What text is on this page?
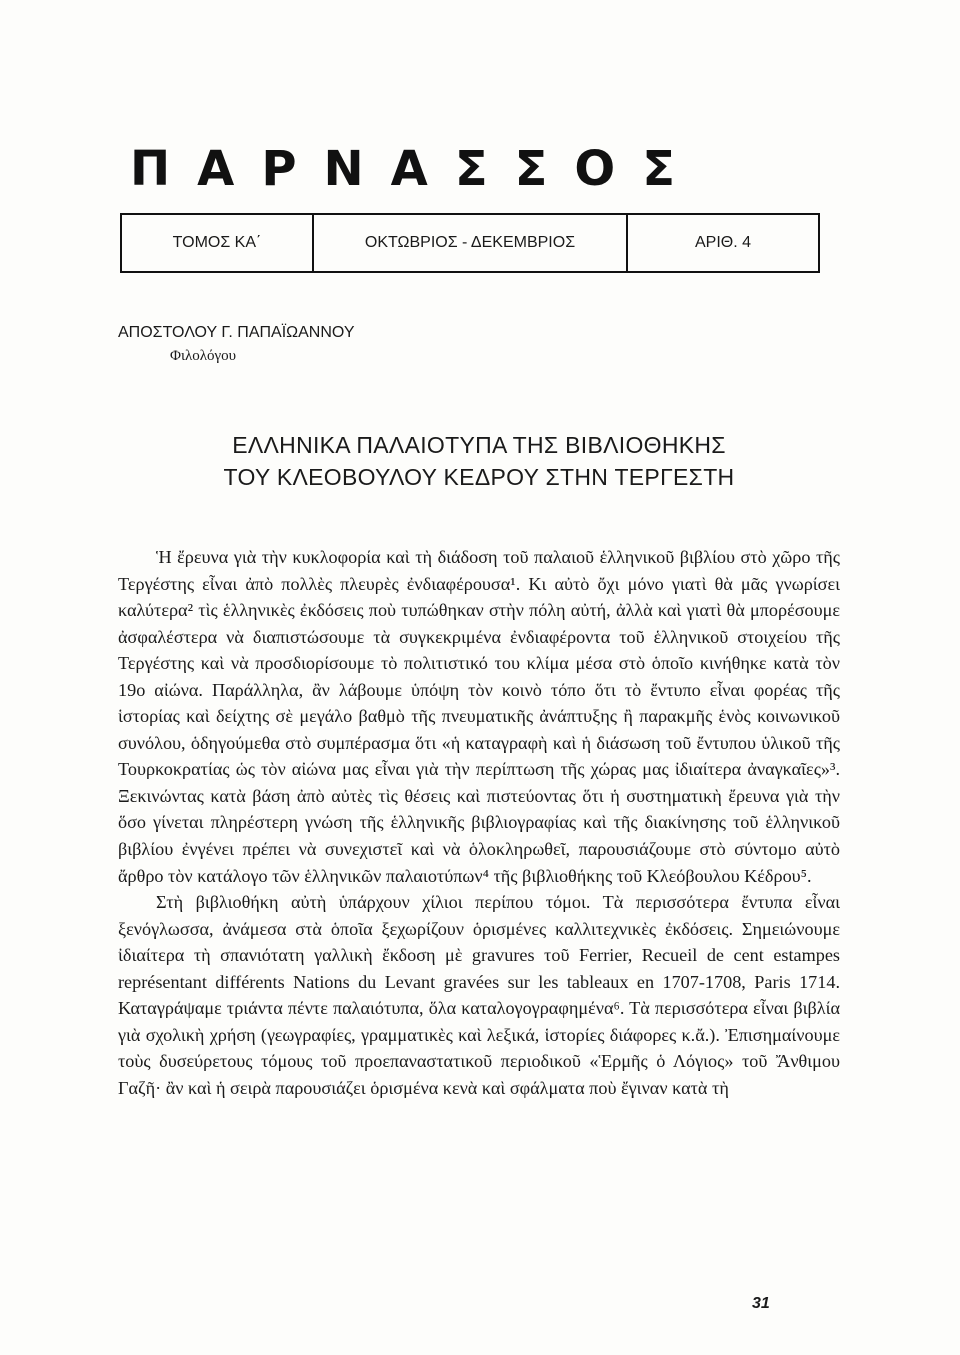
ΠΑΡΝΑΣΣΟΣ
ΤΟΜΟΣ ΚΑ΄	ΟΚΤΩΒΡΙΟΣ - ΔΕΚΕΜΒΡΙΟΣ	ΑΡΙΘ. 4
ΑΠΟΣΤΟΛΟΥ Γ. ΠΑΠΑΪΩΑΝΝΟΥ
Φιλολόγου
ΕΛΛΗΝΙΚΑ ΠΑΛΑΙΟΤΥΠΑ ΤΗΣ ΒΙΒΛΙΟΘΗΚΗΣ
ΤΟΥ ΚΛΕΟΒΟΥΛΟΥ ΚΕΔΡΟΥ ΣΤΗΝ ΤΕΡΓΕΣΤΗ

Ἡ ἔρευνα γιὰ τὴν κυκλοφορία καὶ τὴ διάδοση τοῦ παλαιοῦ ἑλληνικοῦ βιβλίου στὸ χῶρο τῆς Τεργέστης εἶναι ἀπὸ πολλὲς πλευρὲς ἐνδιαφέρουσα¹. Κι αὐτὸ ὄχι μόνο γιατὶ θὰ μᾶς γνωρίσει καλύτερα² τὶς ἑλληνικὲς ἐκδόσεις ποὺ τυπώθηκαν στὴν πόλη αὐτή, ἀλλὰ καὶ γιατὶ θὰ μπορέσουμε ἀσφαλέστερα νὰ διαπιστώσουμε τὰ συγκεκριμένα ἐνδιαφέροντα τοῦ ἑλληνικοῦ στοιχείου τῆς Τεργέστης καὶ νὰ προσδιορίσουμε τὸ πολιτιστικό του κλίμα μέσα στὸ ὁποῖο κινήθηκε κατὰ τὸν 19ο αἰώνα. Παράλληλα, ἂν λάβουμε ὑπόψη τὸν κοινὸ τόπο ὅτι τὸ ἔντυπο εἶναι φορέας τῆς ἱστορίας καὶ δείχτης σὲ μεγάλο βαθμὸ τῆς πνευματικῆς ἀνάπτυξης ἢ παρακμῆς ἑνὸς κοινωνικοῦ συνόλου, ὁδηγούμεθα στὸ συμπέρασμα ὅτι «ἡ καταγραφὴ καὶ ἡ διάσωση τοῦ ἔντυπου ὑλικοῦ τῆς Τουρκοκρατίας ὡς τὸν αἰώνα μας εἶναι γιὰ τὴν περίπτωση τῆς χώρας μας ἰδιαίτερα ἀναγκαῖες»³. Ξεκινώντας κατὰ βάση ἀπὸ αὐτὲς τὶς θέσεις καὶ πιστεύοντας ὅτι ἡ συστηματικὴ ἔρευνα γιὰ τὴν ὅσο γίνεται πληρέστερη γνώση τῆς ἑλληνικῆς βιβλιογραφίας καὶ τῆς διακίνησης τοῦ ἑλληνικοῦ βιβλίου ἐνγένει πρέπει νὰ συνεχιστεῖ καὶ νὰ ὁλοκληρωθεῖ, παρουσιάζουμε στὸ σύντομο αὐτὸ ἄρθρο τὸν κατάλογο τῶν ἑλληνικῶν παλαιοτύπων⁴ τῆς βιβλιοθήκης τοῦ Κλεόβουλου Κέδρου⁵.

Στὴ βιβλιοθήκη αὐτὴ ὑπάρχουν χίλιοι περίπου τόμοι. Τὰ περισσότερα ἔντυπα εἶναι ξενόγλωσσα, ἀνάμεσα στὰ ὁποῖα ξεχωρίζουν ὁρισμένες καλλιτεχνικὲς ἐκδόσεις. Σημειώνουμε ἰδιαίτερα τὴ σπανιότατη γαλλικὴ ἔκδοση μὲ gravures τοῦ Ferrier, Recueil de cent estampes représentant différents Nations du Levant gravées sur les tableaux en 1707-1708, Paris 1714. Καταγράψαμε τριάντα πέντε παλαιότυπα, ὅλα καταλογογραφημένα⁶. Τὰ περισσότερα εἶναι βιβλία γιὰ σχολικὴ χρήση (γεωγραφίες, γραμματικὲς καὶ λεξικά, ἱστορίες διάφορες κ.ἄ.). Ἐπισημαίνουμε τοὺς δυσεύρετους τόμους τοῦ προεπαναστατικοῦ περιοδικοῦ «Ἑρμῆς ὁ Λόγιος» τοῦ Ἄνθιμου Γαζῆ· ἂν καὶ ἡ σειρὰ παρουσιάζει ὁρισμένα κενὰ καὶ σφάλματα ποὺ ἔγιναν κατὰ τὴ

31
